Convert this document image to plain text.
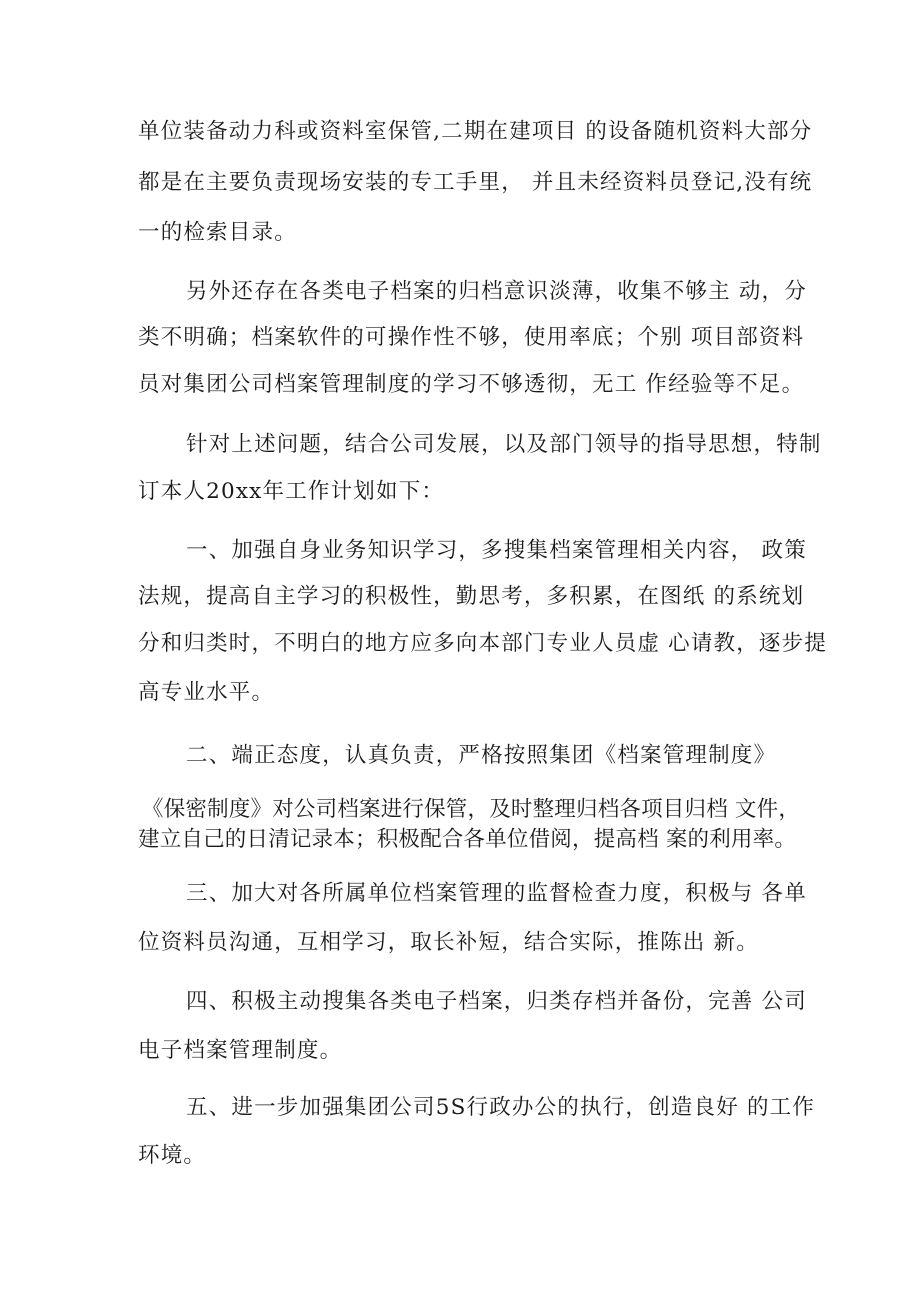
单位装备动力科或资料室保管,二期在建项目 的设备随机资料大部分
都是在主要负责现场安装的专工手里， 并且未经资料员登记,没有统
一的检索目录。
另外还存在各类电子档案的归档意识淡薄，收集不够主 动，分
类不明确；档案软件的可操作性不够，使用率底；个别 项目部资料
员对集团公司档案管理制度的学习不够透彻，无工 作经验等不足。
针对上述问题，结合公司发展，以及部门领导的指导思想，特制
订本人20xx年工作计划如下：
一、加强自身业务知识学习，多搜集档案管理相关内容， 政策
法规，提高自主学习的积极性，勤思考，多积累，在图纸 的系统划
分和归类时，不明白的地方应多向本部门专业人员虚 心请教，逐步提
高专业水平。
二、端正态度，认真负责，严格按照集团《档案管理制度》
《保密制度》对公司档案进行保管，及时整理归档各项目归档 文件，
建立自己的日清记录本；积极配合各单位借阅，提高档 案的利用率。
三、加大对各所属单位档案管理的监督检查力度，积极与 各单
位资料员沟通，互相学习，取长补短，结合实际，推陈出 新。
四、积极主动搜集各类电子档案，归类存档并备份，完善 公司
电子档案管理制度。
五、进一步加强集团公司5S行政办公的执行，创造良好 的工作
环境。
